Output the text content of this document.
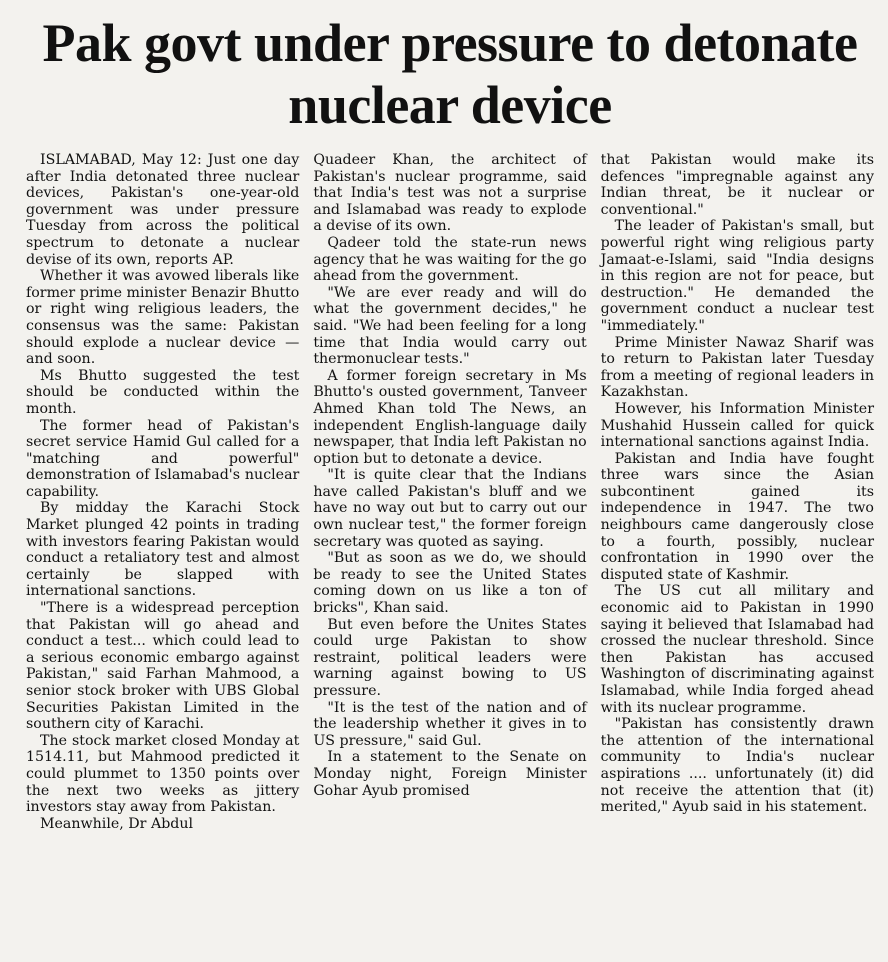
Pak govt under pressure to detonate nuclear device

ISLAMABAD, May 12: Just one day after India detonated three nuclear devices, Pakistan's one-year-old government was under pressure Tuesday from across the political spectrum to detonate a nuclear devise of its own, reports AP.

Whether it was avowed liberals like former prime minister Benazir Bhutto or right wing religious leaders, the consensus was the same: Pakistan should explode a nuclear device — and soon.

Ms Bhutto suggested the test should be conducted within the month.

The former head of Pakistan's secret service Hamid Gul called for a "matching and powerful" demonstration of Islamabad's nuclear capability.

By midday the Karachi Stock Market plunged 42 points in trading with investors fearing Pakistan would conduct a retaliatory test and almost certainly be slapped with international sanctions.

"There is a widespread perception that Pakistan will go ahead and conduct a test... which could lead to a serious economic embargo against Pakistan," said Farhan Mahmood, a senior stock broker with UBS Global Securities Pakistan Limited in the southern city of Karachi.

The stock market closed Monday at 1514.11, but Mahmood predicted it could plummet to 1350 points over the next two weeks as jittery investors stay away from Pakistan.

Meanwhile, Dr Abdul

Quadeer Khan, the architect of Pakistan's nuclear programme, said that India's test was not a surprise and Islamabad was ready to explode a devise of its own.

Qadeer told the state-run news agency that he was waiting for the go ahead from the government.

"We are ever ready and will do what the government decides," he said. "We had been feeling for a long time that India would carry out thermonuclear tests."

A former foreign secretary in Ms Bhutto's ousted government, Tanveer Ahmed Khan told The News, an independent English-language daily newspaper, that India left Pakistan no option but to detonate a device.

"It is quite clear that the Indians have called Pakistan's bluff and we have no way out but to carry out our own nuclear test," the former foreign secretary was quoted as saying.

"But as soon as we do, we should be ready to see the United States coming down on us like a ton of bricks", Khan said.

But even before the Unites States could urge Pakistan to show restraint, political leaders were warning against bowing to US pressure.

"It is the test of the nation and of the leadership whether it gives in to US pressure," said Gul.

In a statement to the Senate on Monday night, Foreign Minister Gohar Ayub promised

that Pakistan would make its defences "impregnable against any Indian threat, be it nuclear or conventional."

The leader of Pakistan's small, but powerful right wing religious party Jamaat-e-Islami, said "India designs in this region are not for peace, but destruction." He demanded the government conduct a nuclear test "immediately."

Prime Minister Nawaz Sharif was to return to Pakistan later Tuesday from a meeting of regional leaders in Kazakhstan.

However, his Information Minister Mushahid Hussein called for quick international sanctions against India.

Pakistan and India have fought three wars since the Asian subcontinent gained its independence in 1947. The two neighbours came dangerously close to a fourth, possibly, nuclear confrontation in 1990 over the disputed state of Kashmir.

The US cut all military and economic aid to Pakistan in 1990 saying it believed that Islamabad had crossed the nuclear threshold. Since then Pakistan has accused Washington of discriminating against Islamabad, while India forged ahead with its nuclear programme.

"Pakistan has consistently drawn the attention of the international community to India's nuclear aspirations .... unfortunately (it) did not receive the attention that (it) merited," Ayub said in his statement.
